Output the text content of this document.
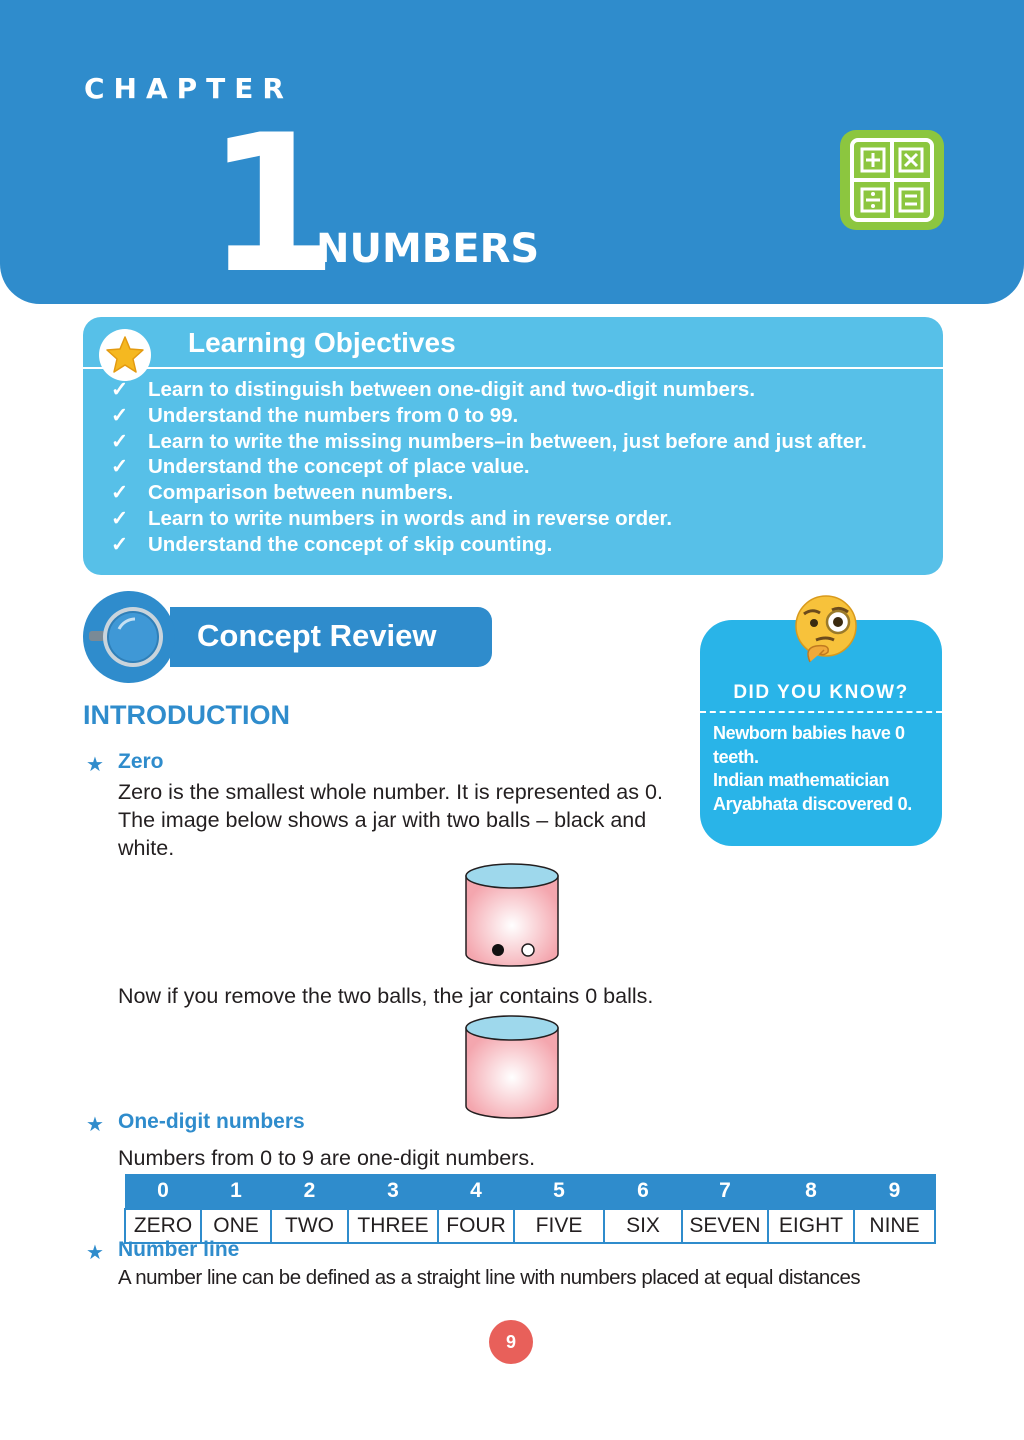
CHAPTER
1
NUMBERS
Learning Objectives
✓ Learn to distinguish between one-digit and two-digit numbers.
✓ Understand the numbers from 0 to 99.
✓ Learn to write the missing numbers–in between, just before and just after.
✓ Understand the concept of place value.
✓ Comparison between numbers.
✓ Learn to write numbers in words and in reverse order.
✓ Understand the concept of skip counting.
Concept Review
DID YOU KNOW?
Newborn babies have 0
teeth.
Indian mathematician
Aryabhata discovered 0.
INTRODUCTION
★ Zero
Zero is the smallest whole number. It is represented as 0.
The image below shows a jar with two balls – black and
white.
Now if you remove the two balls, the jar contains 0 balls.
★ One-digit numbers
Numbers from 0 to 9 are one-digit numbers.
0	1	2	3	4	5	6	7	8	9
ZERO	ONE	TWO	THREE	FOUR	FIVE	SIX	SEVEN	EIGHT	NINE
★ Number line
A number line can be defined as a straight line with numbers placed at equal distances
9
